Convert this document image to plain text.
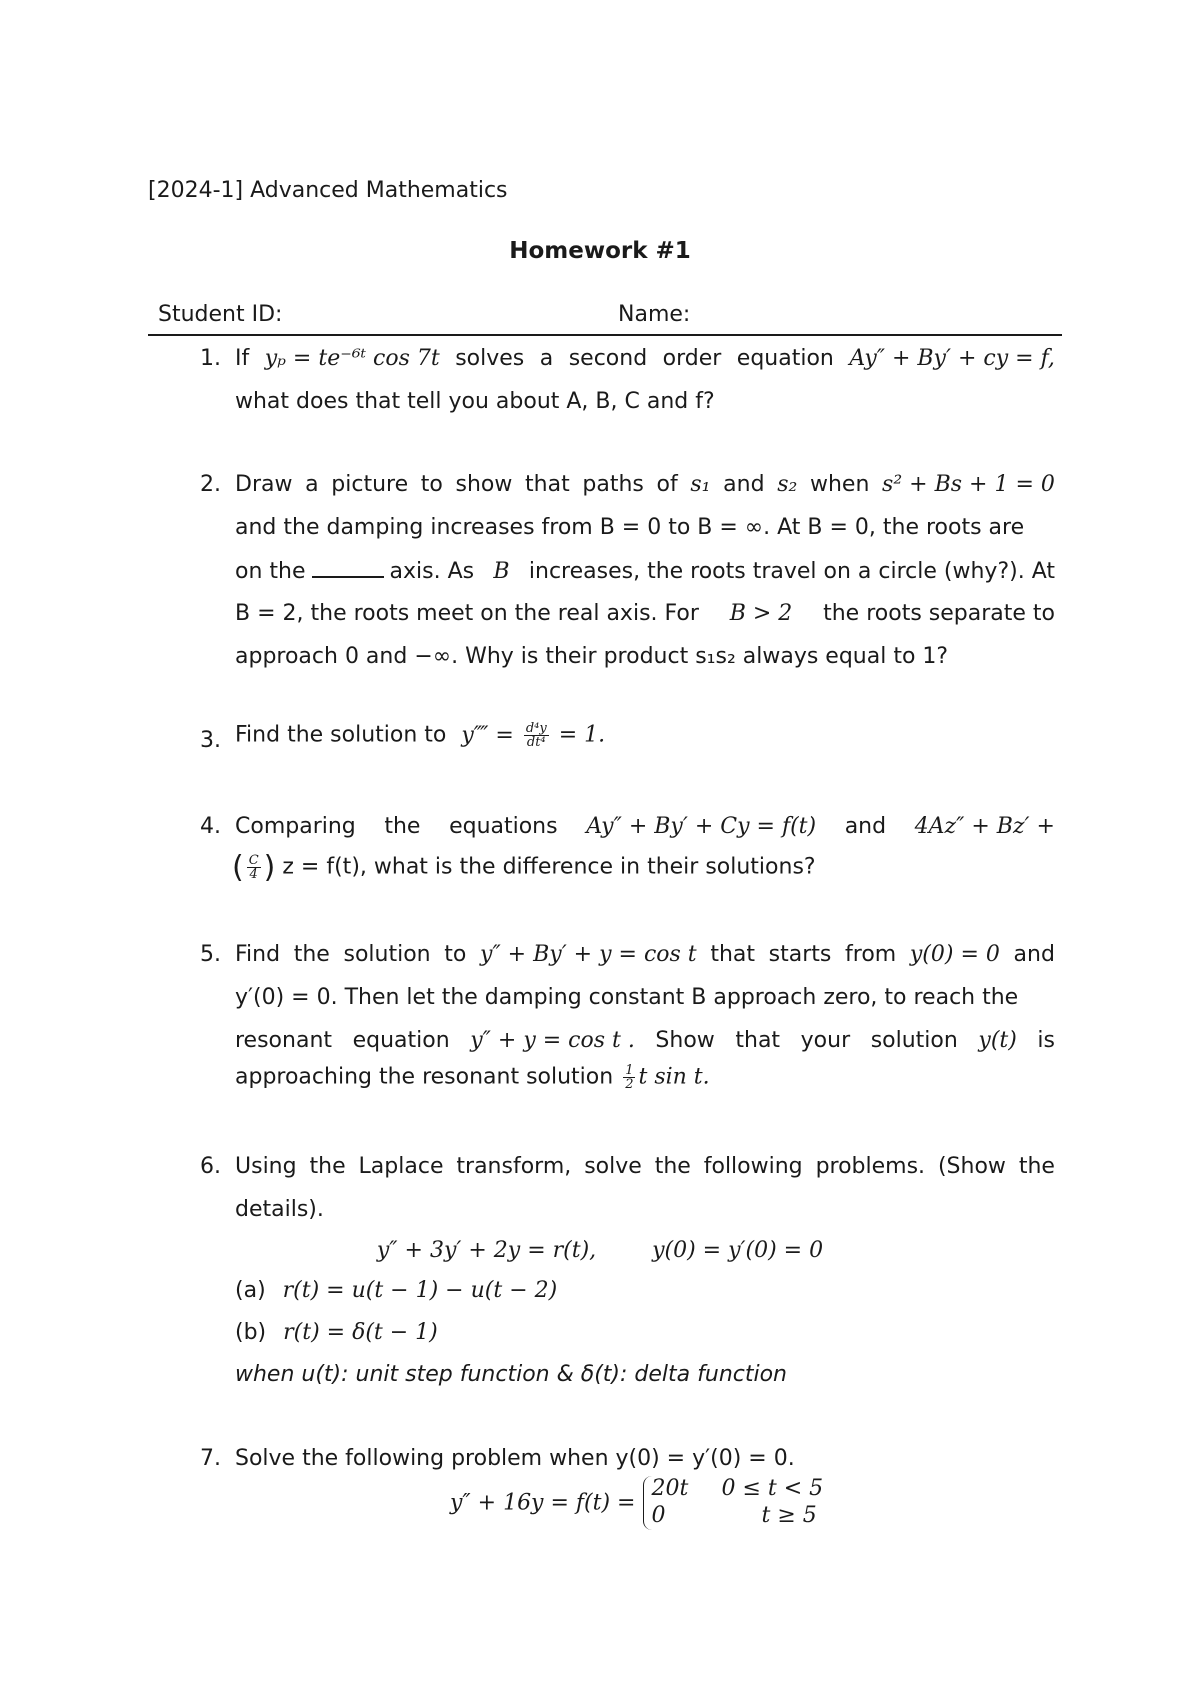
[2024-1] Advanced Mathematics
Homework #1
Student ID:	Name:
1. If yₚ = te⁻⁶ᵗ cos 7t solves a second order equation Ay″ + By′ + cy = f,
what does that tell you about A, B, C and f?
2. Draw a picture to show that paths of s₁ and s₂ when s² + Bs + 1 = 0
and the damping increases from B = 0 to B = ∞. At B = 0, the roots are
on the	axis. As B increases, the roots travel on a circle (why?). At
B = 2, the roots meet on the real axis. For B > 2 the roots separate to
approach 0 and −∞. Why is their product s₁s₂ always equal to 1?
3. Find the solution to y⁗ = $\frac{\text{d⁴y}}{\text{dt⁴}} = 1$.
4. Comparing the equations Ay″ + By′ + Cy = f(t) and 4Az″ + Bz′ +
( $\frac{C}{4}$ ) z = f(t), what is the difference in their solutions?
5. Find the solution to y″ + By′ + y = cos t that starts from y(0) = 0 and
y′(0) = 0. Then let the damping constant B approach zero, to reach the
resonant equation y″ + y = cos t . Show that your solution y(t) is
approaching the resonant solution $\frac{1}{2}$ t sin t.
6. Using the Laplace transform, solve the following problems. (Show the
details).
y″ + 3y′ + 2y = r(t),        y(0) = y′(0) = 0
(a) r(t) = u(t − 1) − u(t − 2)
(b) r(t) = δ(t − 1)
when u(t): unit step function & δ(t): delta function
7. Solve the following problem when y(0) = y′(0) = 0.
y″ + 16y = f(t) =
20t	0 ≤ t < 5
0	t ≥ 5
